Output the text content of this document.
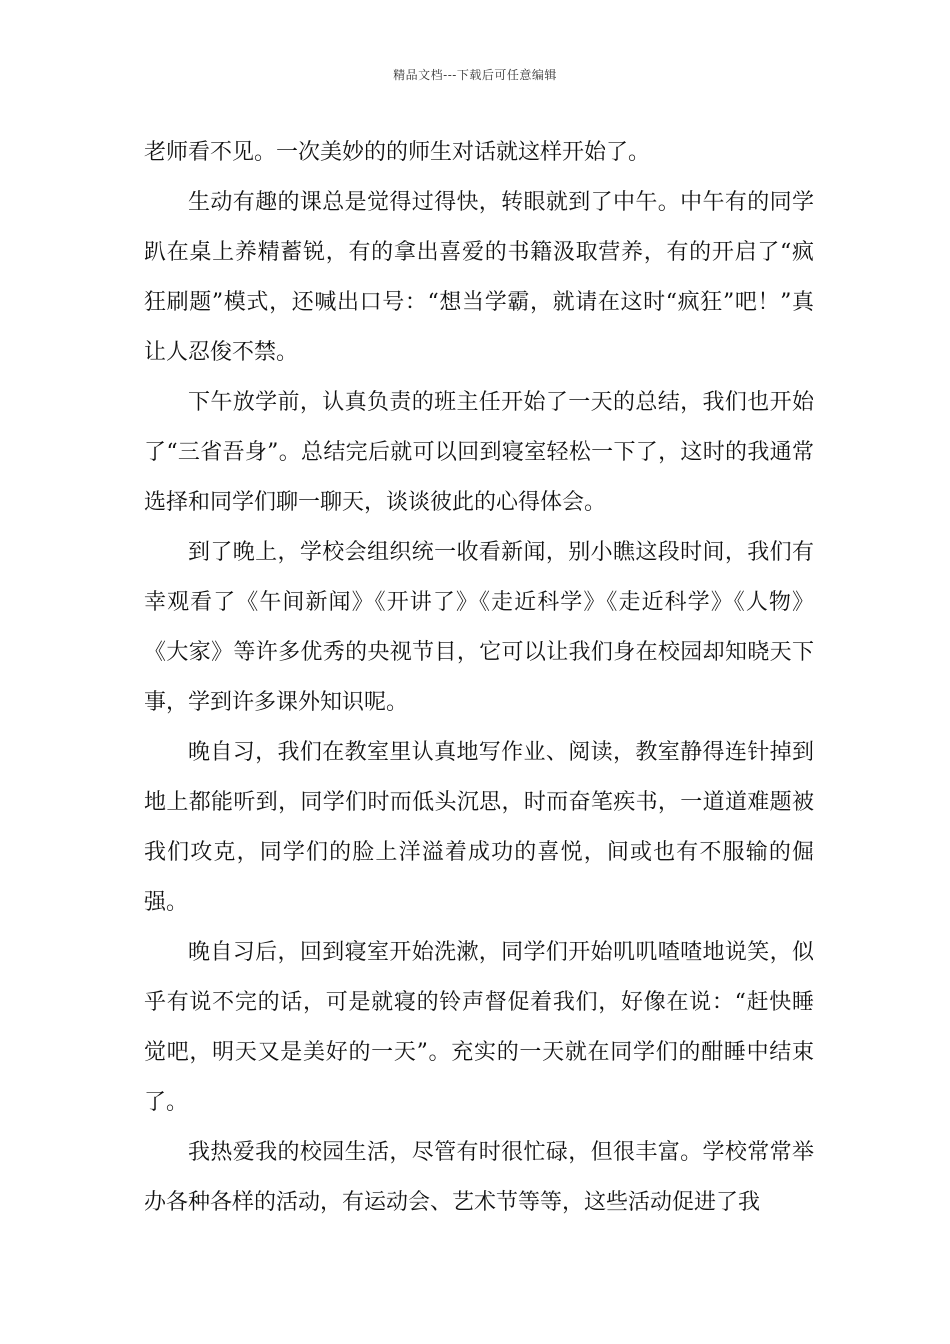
精品文档---下载后可任意编辑

老师看不见。一次美妙的的师生对话就这样开始了。

生动有趣的课总是觉得过得快，转眼就到了中午。中午有的同学趴在桌上养精蓄锐，有的拿出喜爱的书籍汲取营养，有的开启了“疯狂刷题”模式，还喊出口号：“想当学霸，就请在这时“疯狂”吧！”真让人忍俊不禁。

下午放学前，认真负责的班主任开始了一天的总结，我们也开始了“三省吾身”。总结完后就可以回到寝室轻松一下了，这时的我通常选择和同学们聊一聊天，谈谈彼此的心得体会。

到了晚上，学校会组织统一收看新闻，别小瞧这段时间，我们有幸观看了《午间新闻》《开讲了》《走近科学》《走近科学》《人物》《大家》等许多优秀的央视节目，它可以让我们身在校园却知晓天下事，学到许多课外知识呢。

晚自习，我们在教室里认真地写作业、阅读，教室静得连针掉到地上都能听到，同学们时而低头沉思，时而奋笔疾书，一道道难题被我们攻克，同学们的脸上洋溢着成功的喜悦，间或也有不服输的倔强。

晚自习后，回到寝室开始洗漱，同学们开始叽叽喳喳地说笑，似乎有说不完的话，可是就寝的铃声督促着我们，好像在说：“赶快睡觉吧，明天又是美好的一天”。充实的一天就在同学们的酣睡中结束了。

我热爱我的校园生活，尽管有时很忙碌，但很丰富。学校常常举办各种各样的活动，有运动会、艺术节等等，这些活动促进了我
